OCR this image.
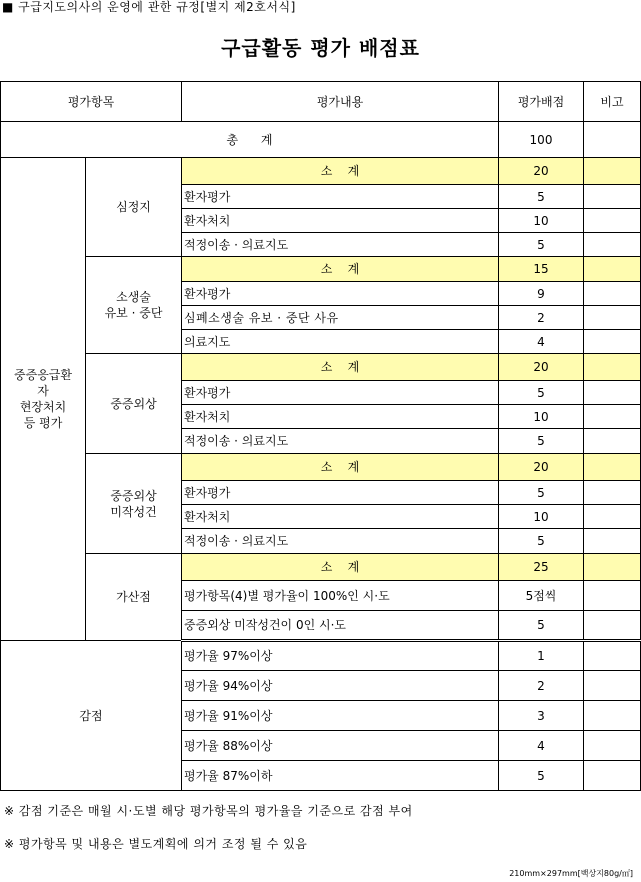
■ 구급지도의사의 운영에 관한 규정[별지 제2호서식]
구급활동 평가 배점표
평가항목		평가내용	평가배점	비고
총      계			100	

중증응급환
자
현장처치
등 평가	심정지	소    계	20	
		환자평가	5	
		환자처치	10	
		적정이송 · 의료지도	5	

	소생술
유보 · 중단	소    계	15	
		환자평가	9	
		심폐소생술 유보 · 중단 사유	2	
		의료지도	4	

	중증외상	소    계	20	
		환자평가	5	
		환자처치	10	
		적정이송 · 의료지도	5	

	중증외상
미작성건	소    계	20	
		환자평가	5	
		환자처치	10	
		적정이송 · 의료지도	5	

	가산점	소    계	25	
		평가항목(4)별 평가율이 100%인 시·도	5점씩	
		중증외상 미작성건이 0인 시·도	5	
감점		평가율 97%이상	1	
		평가율 94%이상	2	
		평가율 91%이상	3	
		평가율 88%이상	4	
		평가율 87%이하	5	
※ 감점 기준은 매월 시·도별 해당 평가항목의 평가율을 기준으로 감점 부여
※ 평가항목 및 내용은 별도계획에 의거 조정 될 수 있음
210mm×297mm[백상지80g/㎡]
